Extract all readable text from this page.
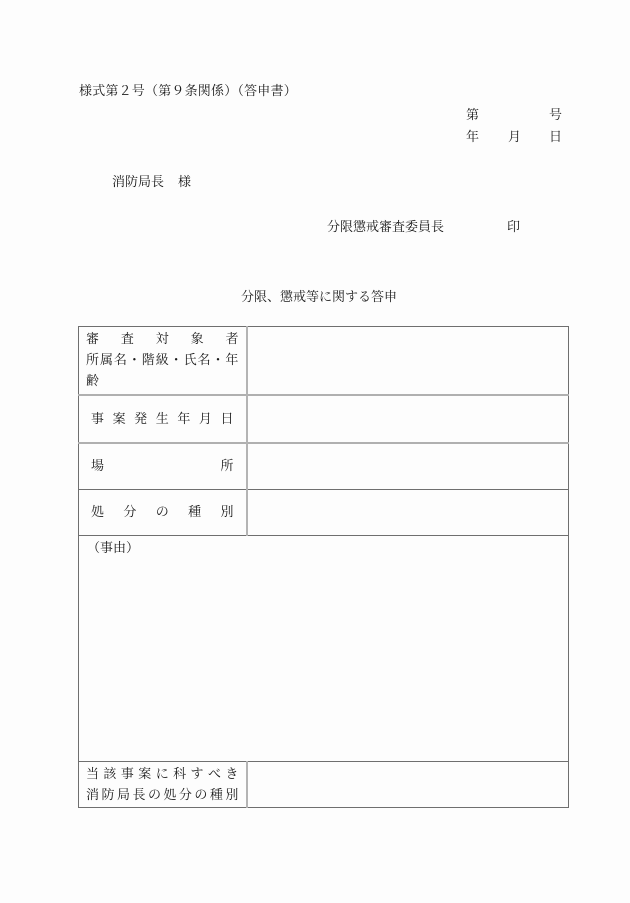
様式第２号（第９条関係）（答申書）
第	号
年 月 日
消防局長 様
分限懲戒審査委員長	印
分限、懲戒等に関する答申
審 査 対 象 者
所 属 名 ・ 階 級 ・ 氏 名 ・ 年
齢

事 案 発 生 年 月 日

場 所	

処 分 の 種 別	

（事由）	

当 該 事 案 に 科 す べ き
消 防 局 長 の 処 分 の 種 別
